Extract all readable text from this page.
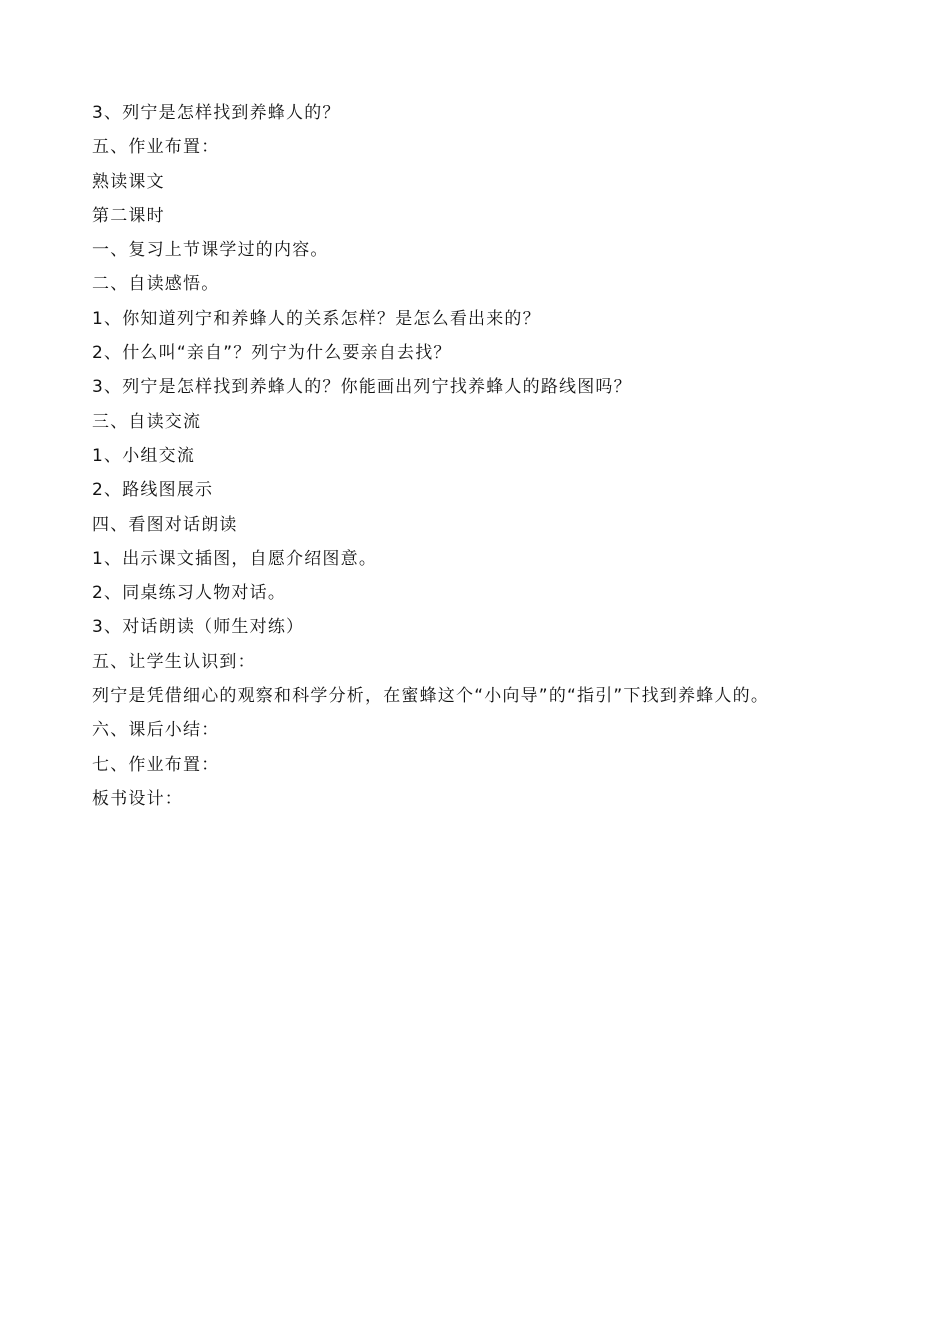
3、列宁是怎样找到养蜂人的？
五、作业布置：
熟读课文
第二课时
一、复习上节课学过的内容。
二、自读感悟。
1、你知道列宁和养蜂人的关系怎样？是怎么看出来的？
2、什么叫“亲自”？列宁为什么要亲自去找？
3、列宁是怎样找到养蜂人的？你能画出列宁找养蜂人的路线图吗？
三、自读交流
1、小组交流
2、路线图展示
四、看图对话朗读
1、出示课文插图，自愿介绍图意。
2、同桌练习人物对话。
3、对话朗读（师生对练）
五、让学生认识到：
列宁是凭借细心的观察和科学分析，在蜜蜂这个“小向导”的“指引”下找到养蜂人的。
六、课后小结：
七、作业布置：
板书设计：
